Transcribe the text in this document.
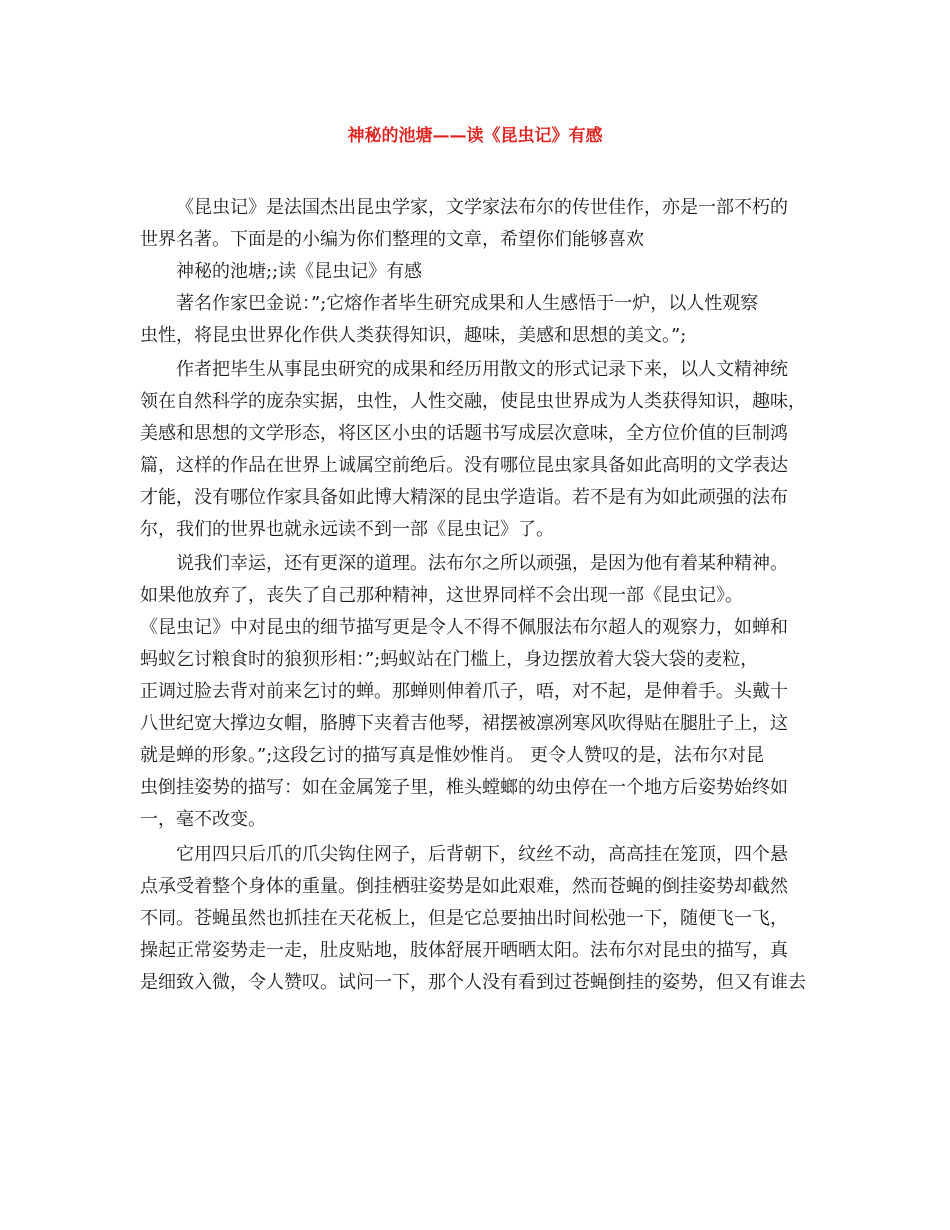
神秘的池塘——读《昆虫记》有感
《昆虫记》是法国杰出昆虫学家，文学家法布尔的传世佳作，亦是一部不朽的
世界名著。下面是的小编为你们整理的文章，希望你们能够喜欢
神秘的池塘;;读《昆虫记》有感
著名作家巴金说：”;它熔作者毕生研究成果和人生感悟于一炉，以人性观察
虫性，将昆虫世界化作供人类获得知识，趣味，美感和思想的美文。”;
作者把毕生从事昆虫研究的成果和经历用散文的形式记录下来，以人文精神统
领在自然科学的庞杂实据，虫性，人性交融，使昆虫世界成为人类获得知识，趣味，
美感和思想的文学形态，将区区小虫的话题书写成层次意味，全方位价值的巨制鸿
篇，这样的作品在世界上诚属空前绝后。没有哪位昆虫家具备如此高明的文学表达
才能，没有哪位作家具备如此博大精深的昆虫学造诣。若不是有为如此顽强的法布
尔，我们的世界也就永远读不到一部《昆虫记》了。
说我们幸运，还有更深的道理。法布尔之所以顽强，是因为他有着某种精神。
如果他放弃了，丧失了自己那种精神，这世界同样不会出现一部《昆虫记》。
《昆虫记》中对昆虫的细节描写更是令人不得不佩服法布尔超人的观察力，如蝉和
蚂蚁乞讨粮食时的狼狈形相：”;蚂蚁站在门槛上，身边摆放着大袋大袋的麦粒，
正调过脸去背对前来乞讨的蝉。那蝉则伸着爪子，唔，对不起，是伸着手。头戴十
八世纪宽大撑边女帽，胳膊下夹着吉他琴，裙摆被凛冽寒风吹得贴在腿肚子上，这
就是蝉的形象。”;这段乞讨的描写真是惟妙惟肖。 更令人赞叹的是，法布尔对昆
虫倒挂姿势的描写：如在金属笼子里，椎头螳螂的幼虫停在一个地方后姿势始终如
一，毫不改变。
它用四只后爪的爪尖钩住网子，后背朝下，纹丝不动，高高挂在笼顶，四个悬
点承受着整个身体的重量。倒挂栖驻姿势是如此艰难，然而苍蝇的倒挂姿势却截然
不同。苍蝇虽然也抓挂在天花板上，但是它总要抽出时间松弛一下，随便飞一飞，
操起正常姿势走一走，肚皮贴地，肢体舒展开晒晒太阳。法布尔对昆虫的描写，真
是细致入微，令人赞叹。试问一下，那个人没有看到过苍蝇倒挂的姿势，但又有谁去
